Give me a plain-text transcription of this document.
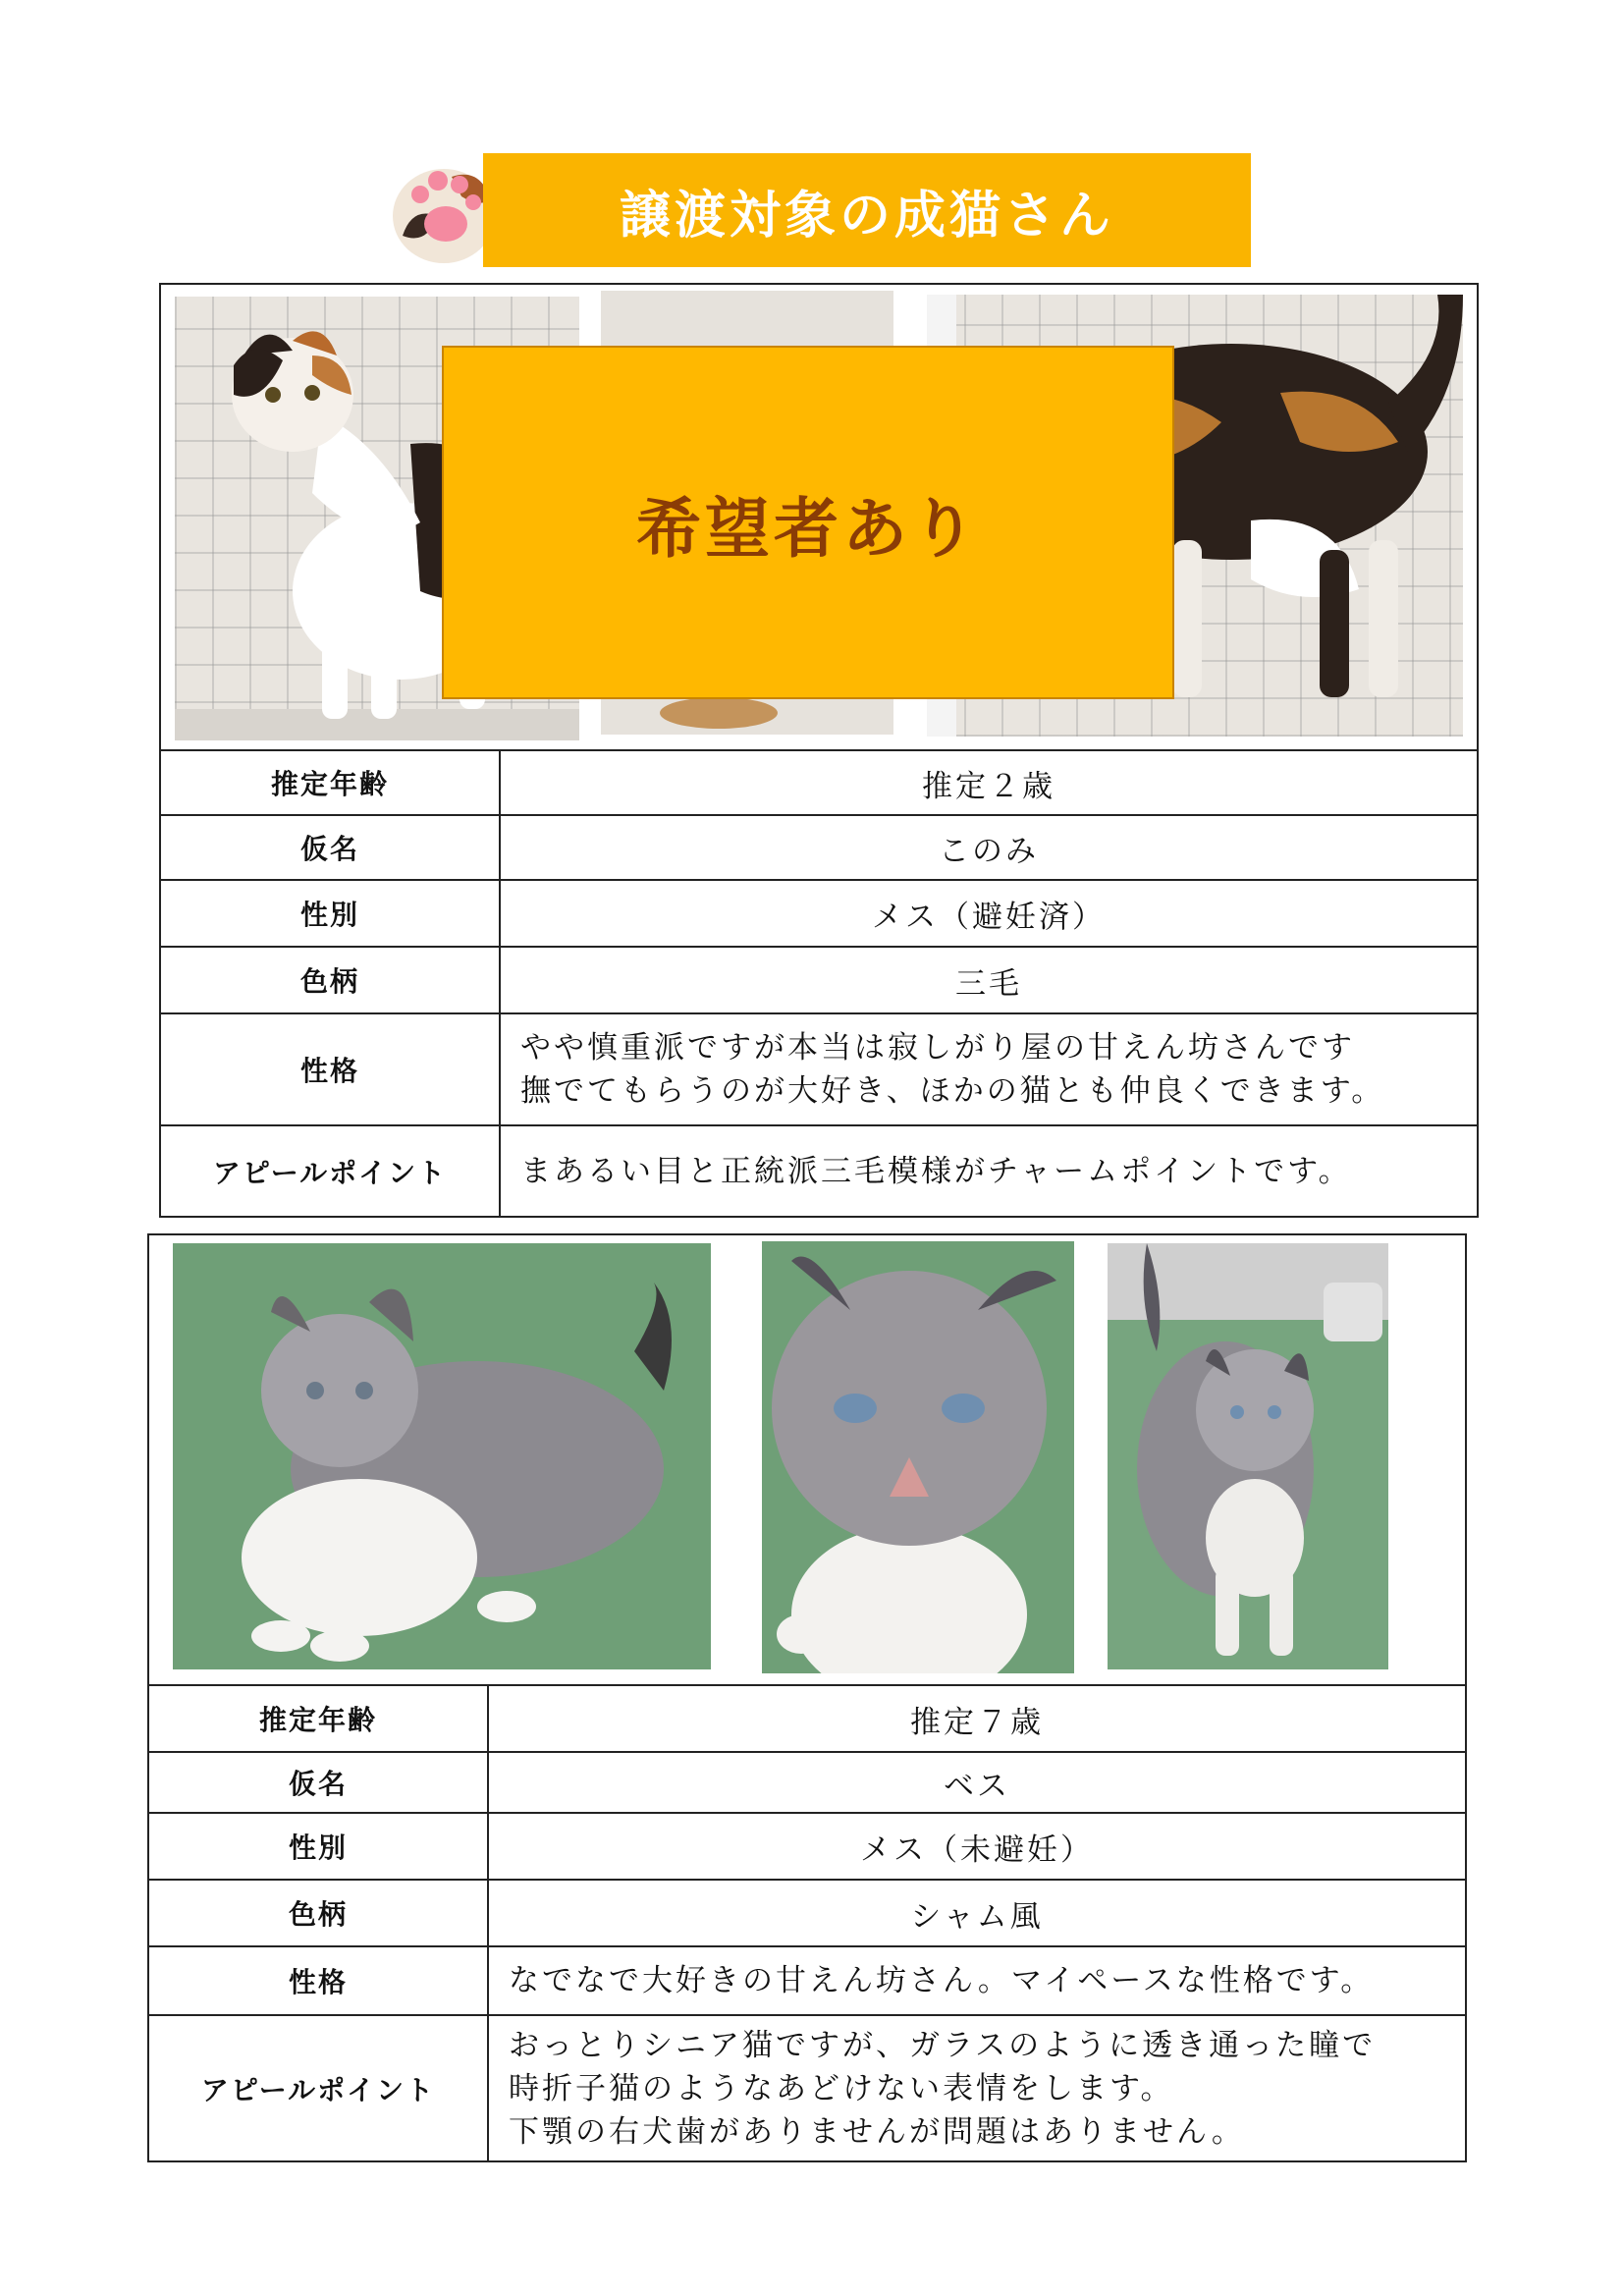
譲渡対象の成猫さん
希望者あり
推定年齢	推定２歳
仮名	このみ
性別	メス（避妊済）
色柄	三毛
性格	やや慎重派ですが本当は寂しがり屋の甘えん坊さんです
撫でてもらうのが大好き、ほかの猫とも仲良くできます。

アピールポイント	まあるい目と正統派三毛模様がチャームポイントです。
推定年齢	推定７歳
仮名	ベス
性別	メス（未避妊）
色柄	シャム風
性格	なでなで大好きの甘えん坊さん。マイペースな性格です。
アピールポイント	おっとりシニア猫ですが、ガラスのように透き通った瞳で
時折子猫のようなあどけない表情をします。
下顎の右犬歯がありませんが問題はありません。
